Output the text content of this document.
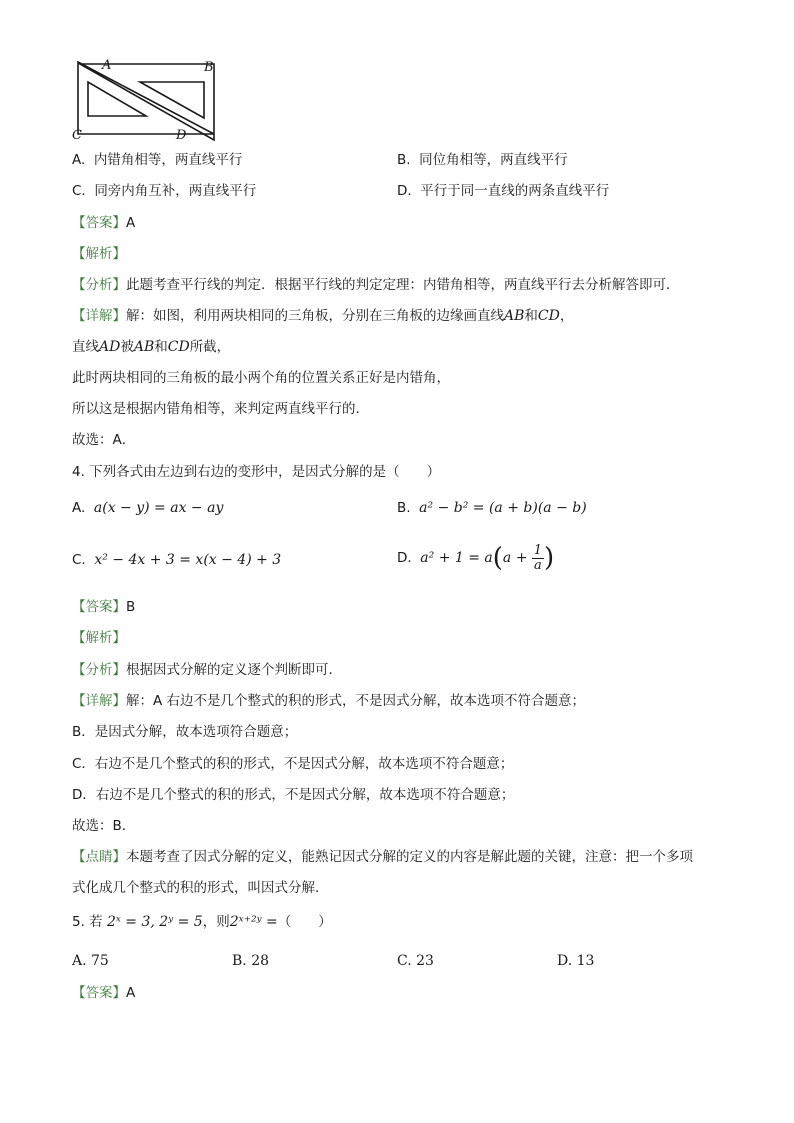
A	B
C	D
A. 内错角相等，两直线平行	B. 同位角相等，两直线平行
C. 同旁内角互补，两直线平行	D. 平行于同一直线的两条直线平行
【答案】A
【解析】
【分析】此题考查平行线的判定．根据平行线的判定定理：内错角相等，两直线平行去分析解答即可．
【详解】解：如图，利用两块相同的三角板，分别在三角板的边缘画直线AB和CD，
直线AD被AB和CD所截，
此时两块相同的三角板的最小两个角的位置关系正好是内错角，
所以这是根据内错角相等，来判定两直线平行的．
故选：A．
4. 下列各式由左边到右边的变形中，是因式分解的是（　　）
A. a(x − y) = ax − ay	B. a² − b² = (a + b)(a − b)
C. x² − 4x + 3 = x(x − 4) + 3	D. $a^2 + 1 = a(a + \frac{1}{a}$ )
【答案】B
【解析】
【分析】根据因式分解的定义逐个判断即可．
【详解】解：A 右边不是几个整式的积的形式，不是因式分解，故本选项不符合题意；
B．是因式分解，故本选项符合题意；
C．右边不是几个整式的积的形式，不是因式分解，故本选项不符合题意；
D．右边不是几个整式的积的形式，不是因式分解，故本选项不符合题意；
故选：B．
【点睛】本题考查了因式分解的定义，能熟记因式分解的定义的内容是解此题的关键，注意：把一个多项
式化成几个整式的积的形式，叫因式分解．
5. 若 2ˣ = 3, 2ʸ = 5，则2ˣ⁺²ʸ =（　　）
A. 75	B. 28	C. 23	D. 13
【答案】A
